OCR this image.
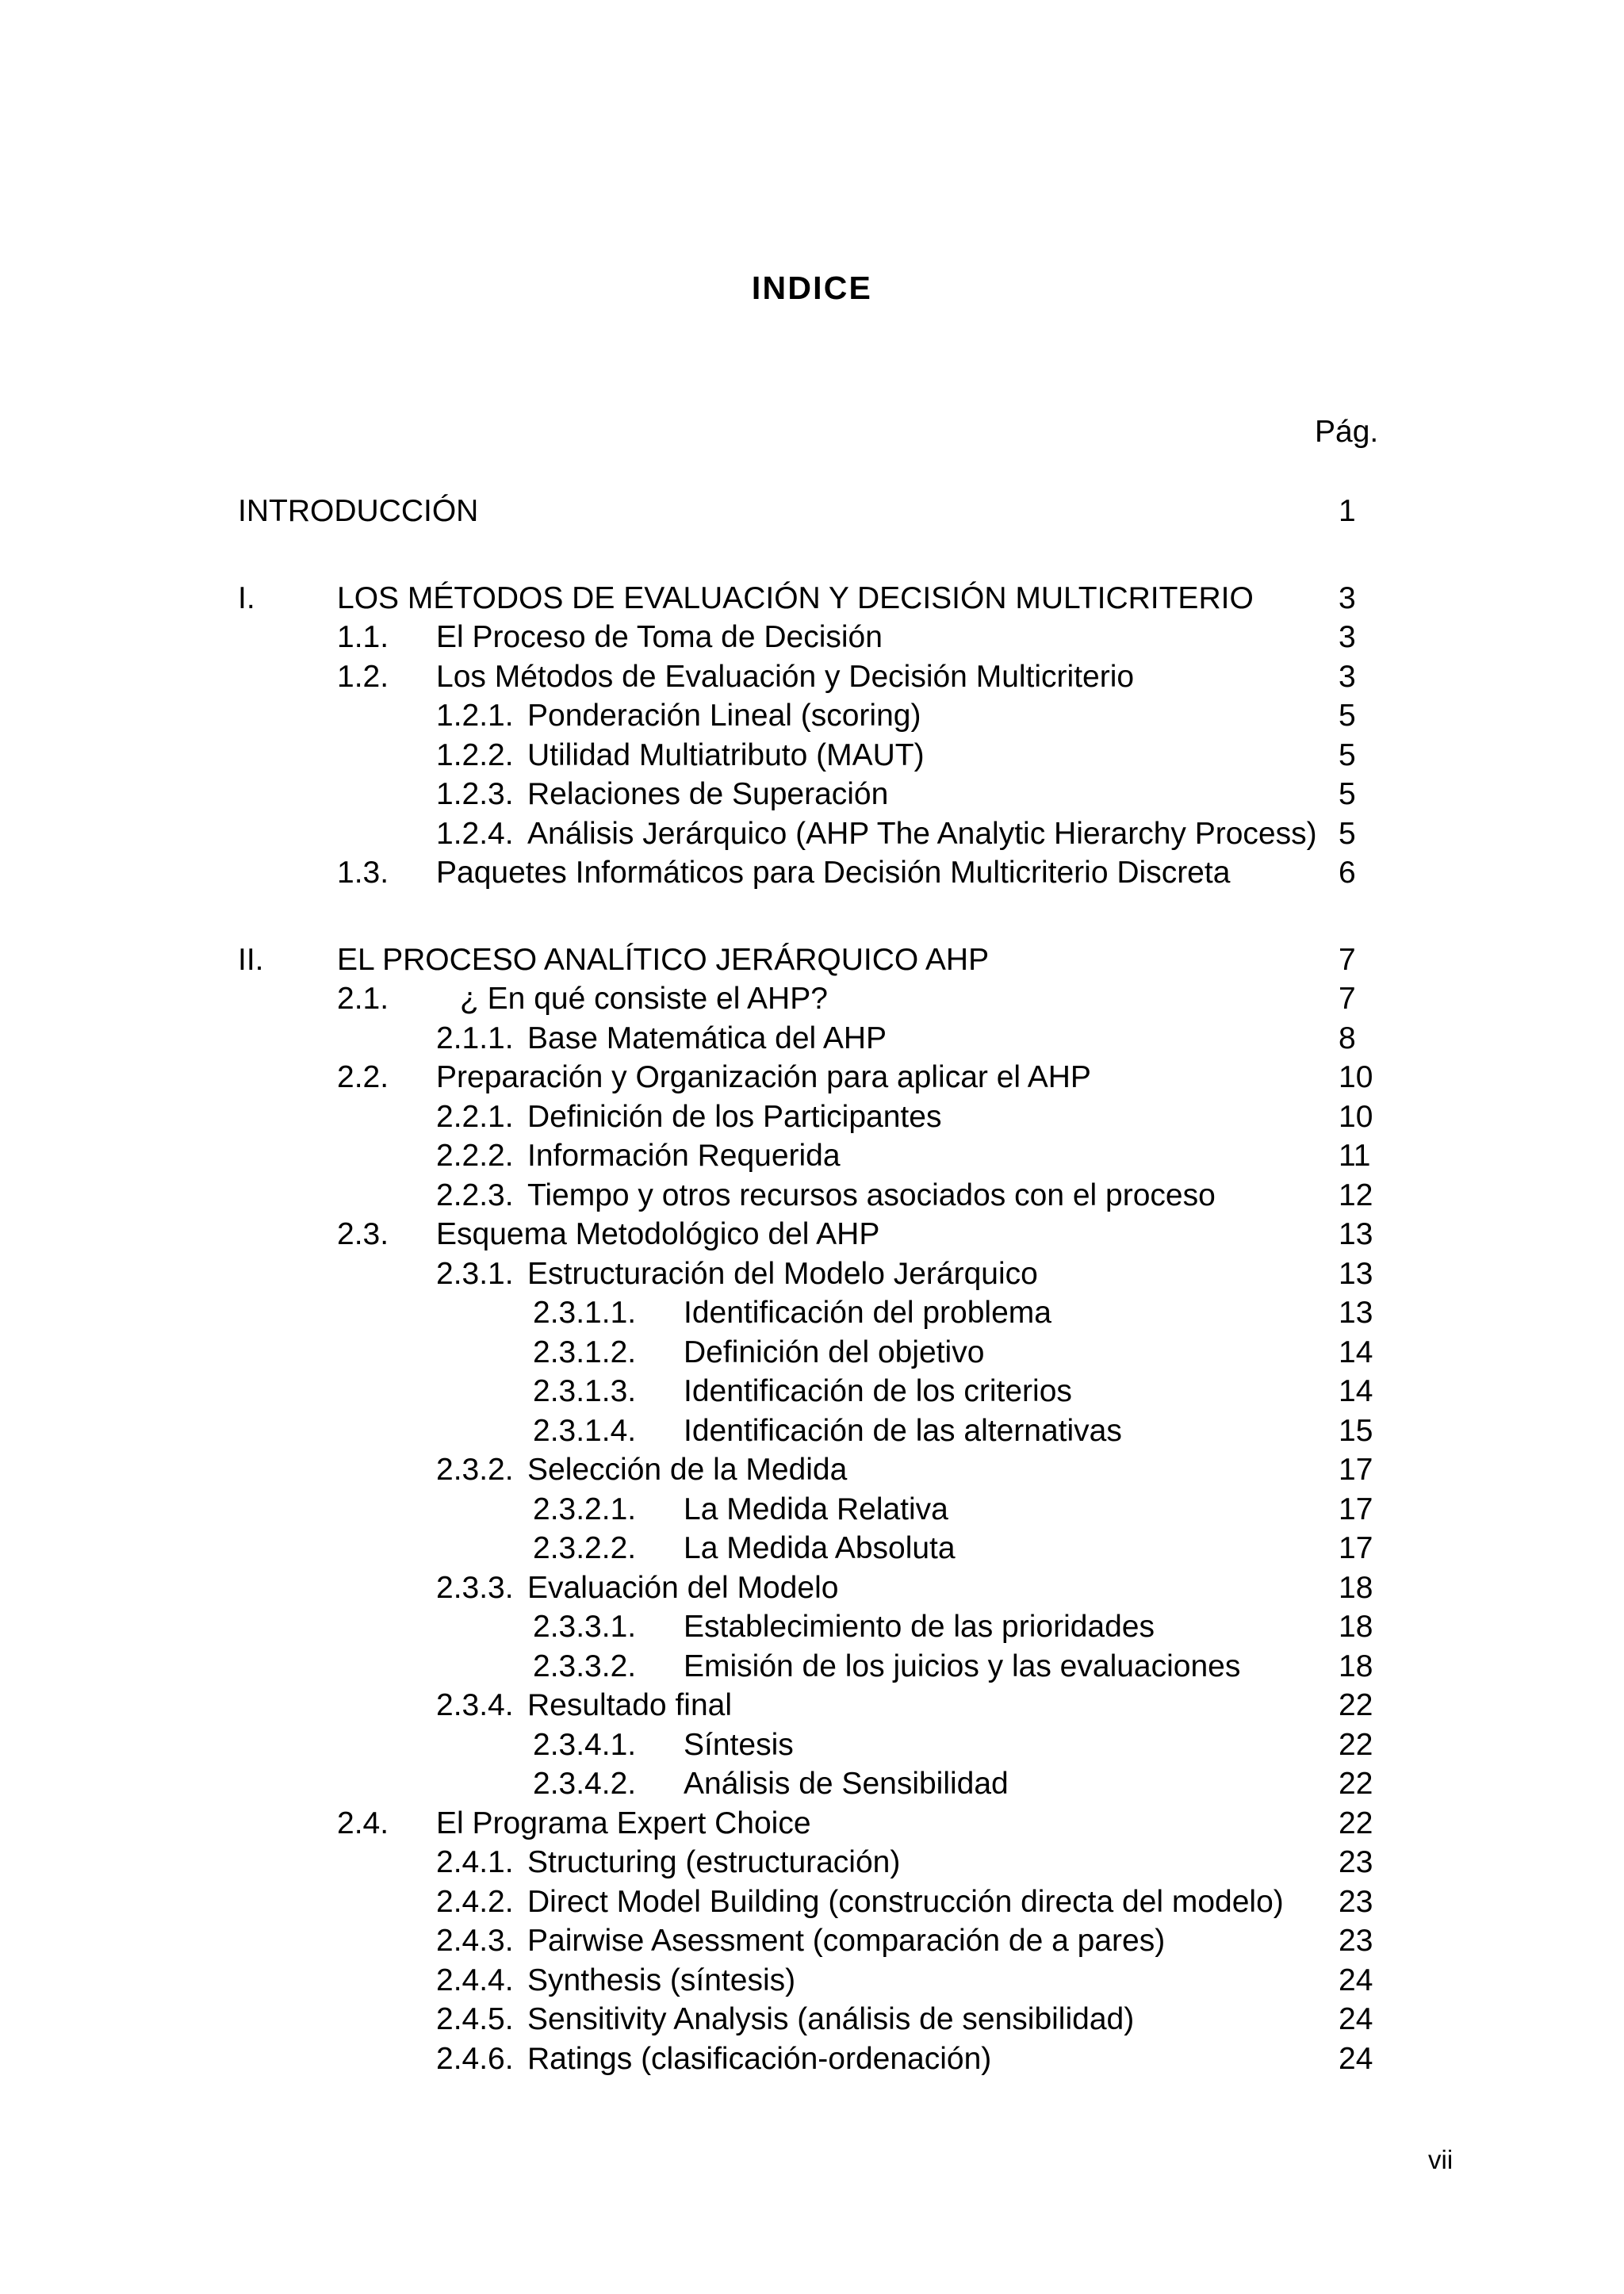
INDICE
Pág.
INTRODUCCIÓN	1
I.	LOS MÉTODOS DE EVALUACIÓN Y DECISIÓN MULTICRITERIO	3
1.1. El Proceso de Toma de Decisión	3
1.2. Los Métodos de Evaluación y Decisión Multicriterio	3
1.2.1. Ponderación Lineal (scoring)	5
1.2.2. Utilidad Multiatributo (MAUT)	5
1.2.3. Relaciones de Superación	5
1.2.4. Análisis Jerárquico (AHP The Analytic Hierarchy Process) 5
1.3. Paquetes Informáticos para Decisión Multicriterio Discreta	6
II. EL PROCESO ANALÍTICO JERÁRQUICO AHP	7
2.1. ¿ En qué consiste el AHP?	7
2.1.1. Base Matemática del AHP	8
2.2. Preparación y Organización para aplicar el AHP	10
2.2.1. Definición de los Participantes	10
2.2.2. Información Requerida	11
2.2.3. Tiempo y otros recursos asociados con el proceso	12
2.3. Esquema Metodológico del AHP	13
2.3.1. Estructuración del Modelo Jerárquico	13
2.3.1.1. Identificación del problema	13
2.3.1.2. Definición del objetivo	14
2.3.1.3. Identificación de los criterios	14
2.3.1.4. Identificación de las alternativas	15
2.3.2. Selección de la Medida	17
2.3.2.1. La Medida Relativa	17
2.3.2.2. La Medida Absoluta	17
2.3.3. Evaluación del Modelo	18
2.3.3.1. Establecimiento de las prioridades	18
2.3.3.2. Emisión de los juicios y las evaluaciones	18
2.3.4. Resultado final	22
2.3.4.1. Síntesis	22
2.3.4.2. Análisis de Sensibilidad	22
2.4. El Programa Expert Choice	22
2.4.1. Structuring (estructuración)	23
2.4.2. Direct Model Building (construcción directa del modelo) 23
2.4.3. Pairwise Asessment (comparación de a pares)	23
2.4.4. Synthesis (síntesis)	24
2.4.5. Sensitivity Analysis (análisis de sensibilidad)	24
2.4.6. Ratings (clasificación-ordenación)	24
vii
